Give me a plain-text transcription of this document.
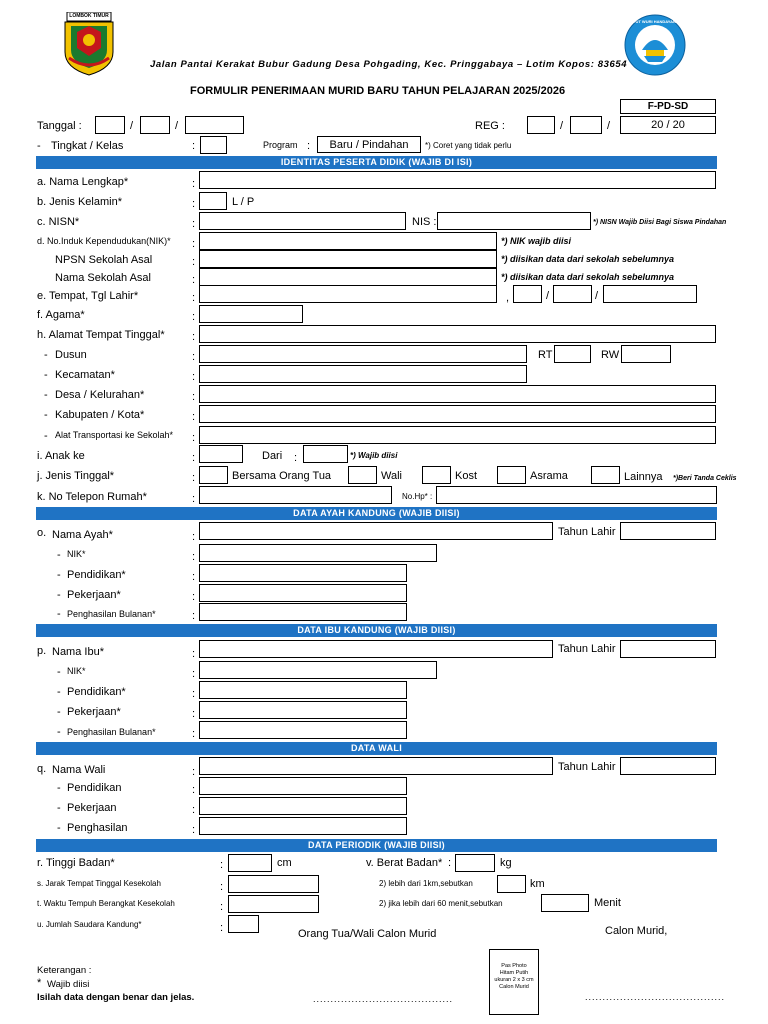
LOMBOK TIMUR
TUT WURI HANDAYANI
Jalan Pantai Kerakat Bubur Gadung Desa Pohgading, Kec. Pringgabaya – Lotim Kopos: 83654
FORMULIR PENERIMAAN MURID BARU TAHUN PELAJARAN 2025/2026
F-PD-SD
Tanggal :	/	/	REG :	/	/	20 / 20
- Tingkat / Kelas	:	Program :	Baru / Pindahan	*) Coret yang tidak perlu
IDENTITAS PESERTA DIDIK (WAJIB DI ISI)
a. Nama Lengkap*	:
b. Jenis Kelamin*	:	L / P
c. NISN*	:	NIS :	*) NISN Wajib Diisi Bagi Siswa Pindahan
d. No.Induk Kependudukan(NIK)* :	*) NIK wajib diisi
NPSN Sekolah Asal	:	*) diisikan data dari sekolah sebelumnya
Nama Sekolah Asal	:	*) diisikan data dari sekolah sebelumnya
e. Tempat, Tgl Lahir*	:	,	/	/
f. Agama*	:
h. Alamat Tempat Tinggal* :
- Dusun	:	RT	RW
- Kecamatan*	:
- Desa / Kelurahan*	:
- Kabupaten / Kota*	:
- Alat Transportasi ke Sekolah* :
i. Anak ke	:	Dari :	*) Wajib diisi
j. Jenis Tinggal*	:	Bersama Orang Tua	Wali	Kost	Asrama	Lainnya *)Beri Tanda Ceklis
k. No Telepon Rumah*	:	No.Hp* :
DATA AYAH KANDUNG (WAJIB DIISI)
o. Nama Ayah*	:	Tahun Lahir
- NIK*	:
- Pendidikan*	:
- Pekerjaan*	:
- Penghasilan Bulanan*	:
DATA IBU KANDUNG (WAJIB DIISI)
p. Nama Ibu*	:	Tahun Lahir
- NIK*	:
- Pendidikan*	:
- Pekerjaan*	:
- Penghasilan Bulanan*	:
DATA WALI
q. Nama Wali	:	Tahun Lahir
- Pendidikan	:
- Pekerjaan	:
- Penghasilan	:
DATA PERIODIK (WAJIB DIISI)
r. Tinggi Badan*	:	cm	v. Berat Badan* :	kg
s. Jarak Tempat Tinggal Kesekolah	:	2) lebih dari 1km,sebutkan	km
t. Waktu Tempuh Berangkat Kesekolah	:	2) jika lebih dari 60 menit,sebutkan	Menit
u. Jumlah Saudara Kandung*	:	Orang Tua/Wali Calon Murid	Calon Murid,
Keterangan :
* Wajib diisi
Isilah data dengan benar dan jelas.
Pas Photo
Hitam Putih
ukuran 2 x 3 cm
Calon Murid
........................................	........................................
